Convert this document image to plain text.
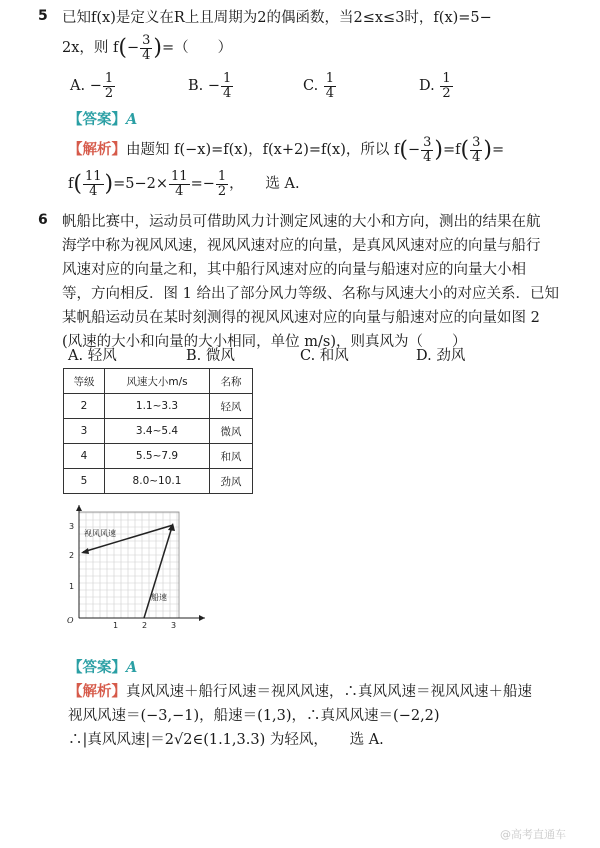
5 已知f(x)是定义在R上且周期为2的偶函数，当2≤x≤3时，f(x)=5−
2x，则 $f(- \frac{3}{4}$ )=（　　）
A. − $\frac{1}{2}$	B. − $\frac{1}{4}$	C. $\frac{1}{4}$	D. $\frac{1}{2}$
【答案】A
【解析】由题知 f(−x)=f(x)，f(x+2)=f(x)，所以 $f(- \frac{3}{4} )=f( \frac{3}{4}$ )=
$f( \frac{11}{4} )=5-2\times \frac{11}{4} =- \frac{1}{2}$ ，　　选 A.
6 帆船比赛中，运动员可借助风力计测定风速的大小和方向，测出的结果在航
海学中称为视风风速，视风风速对应的向量，是真风风速对应的向量与船行
风速对应的向量之和，其中船行风速对应的向量与船速对应的向量大小相
等，方向相反．图 1 给出了部分风力等级、名称与风速大小的对应关系．已知
某帆船运动员在某时刻测得的视风风速对应的向量与船速对应的向量如图 2
(风速的大小和向量的大小相同，单位 m/s)，则真风为（　　）
A. 轻风	B. 微风	C. 和风	D. 劲风
等级	风速大小m/s	名称
2	1.1~3.3	轻风
3	3.4~5.4	微风
4	5.5~7.9	和风
5	8.0~10.1	劲风
视风风速
船速
3
2
1
O
1	2	3
【答案】A
【解析】真风风速＋船行风速＝视风风速，∴真风风速＝视风风速＋船速
视风风速＝(−3,−1)，船速＝(1,3)，∴真风风速＝(−2,2)
∴|真风风速|＝2√2∈(1.1,3.3) 为轻风，　　选 A.
@高考直通车
